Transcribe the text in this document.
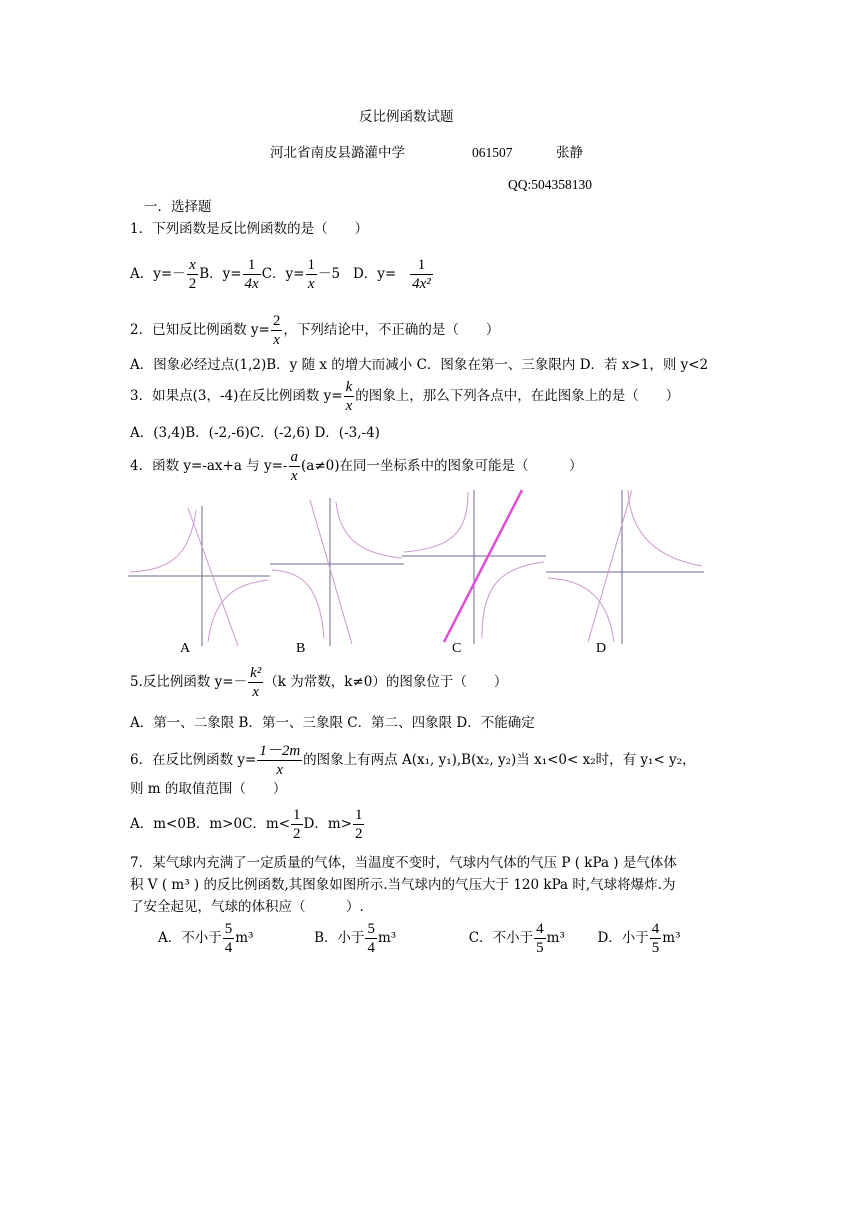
反比例函数试题
河北省南皮县潞灌中学	061507	张静
QQ:504358130
一．选择题
1．下列函数是反比例函数的是（　　）
A．$y=- \frac{x}{2}$ B．$y= \frac{1}{4x}$ C．$y= \frac{1}{x} -5$ D．$y= \frac{1}{\text{4x²}}$
2．已知反比例函数 $y= \frac{2}{x}$ ，下列结论中，不正确的是（　　）
A．图象必经过点(1,2)B．y 随 x 的增大而减小 C．图象在第一、三象限内 D．若 x>1，则 y<2
3．如果点(3，-4)在反比例函数 $y= \frac{k}{x}$ 的图象上，那么下列各点中，在此图象上的是（　　）
A．(3,4)B．(-2,-6)C．(-2,6) D．(-3,-4)
4．函数 y=-ax+a 与 $y=- \frac{a}{x} (a\ne 0)$在同一坐标系中的图象可能是（　　　）
A	B	C	D
5.反比例函数 $y=- \frac{\text{k²}}{x} (k$ 为常数，k≠0）的图象位于（　　）
A．第一、二象限 B．第一、三象限 C．第二、四象限 D．不能确定
6．在反比例函数 $y= \frac{1-2m}{x}$ 的图象上有两点 A(x₁, y₁),B(x₂, y₂)当 x₁<0< x₂时，有 y₁< y₂，
则 m 的取值范围（　　）
A．m<0B．m>0C．$m< \frac{1}{2}$ D．$m> \frac{1}{2}$
7．某气球内充满了一定质量的气体，当温度不变时，气球内气体的气压 P ( kPa ) 是气体体
积 V ( m³ ) 的反比例函数,其图象如图所示.当气球内的气压大于 120 kPa 时,气球将爆炸.为
了安全起见，气球的体积应（　　　）.
A．不小于 $\frac{5}{4} m^3$	B．小于 $\frac{5}{4} m^3$	C．不小于 $\frac{4}{5} m^3$ D．小于 $\frac{4}{5} m^3$
